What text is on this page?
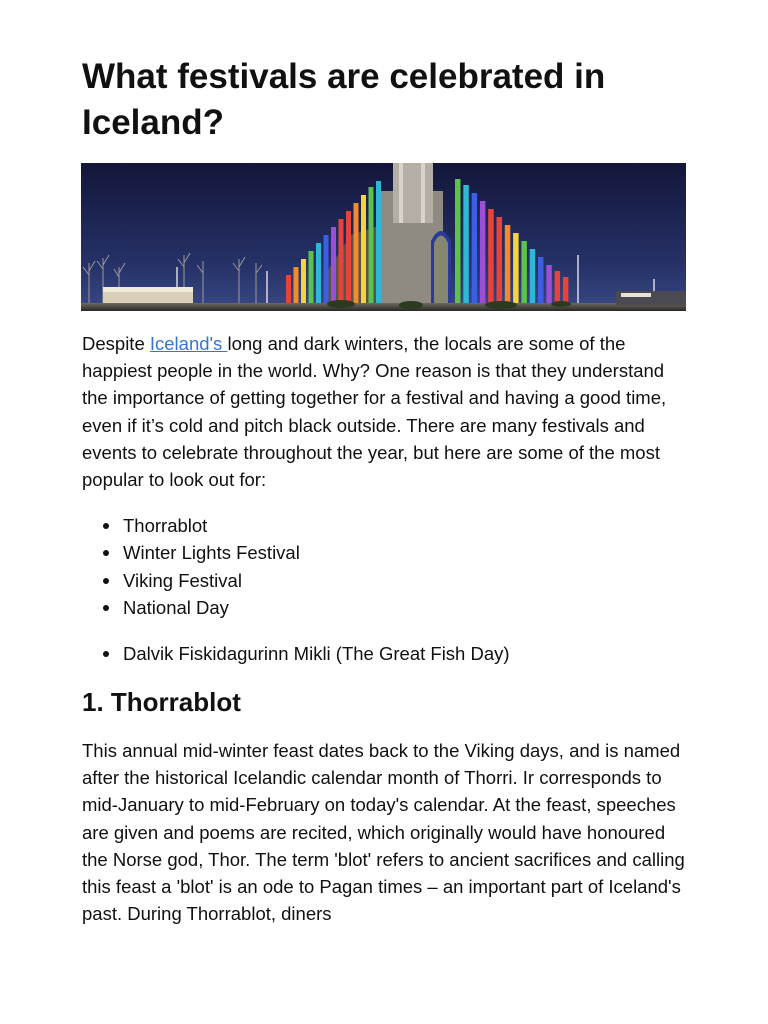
What festivals are celebrated in Iceland?

Despite Iceland's long and dark winters, the locals are some of the happiest people in the world. Why? One reason is that they understand the importance of getting together for a festival and having a good time, even if it’s cold and pitch black outside. There are many festivals and events to celebrate throughout the year, but here are some of the most popular to look out for:

Thorrablot
Winter Lights Festival
Viking Festival
National Day
Dalvik Fiskidagurinn Mikli (The Great Fish Day)
1. Thorrablot

This annual mid-winter feast dates back to the Viking days, and is named after the historical Icelandic calendar month of Thorri. Ir corresponds to mid-January to mid-February on today's calendar. At the feast, speeches are given and poems are recited, which originally would have honoured the Norse god, Thor. The term 'blot' refers to ancient sacrifices and calling this feast a 'blot' is an ode to Pagan times – an important part of Iceland's past. During Thorrablot, diners
